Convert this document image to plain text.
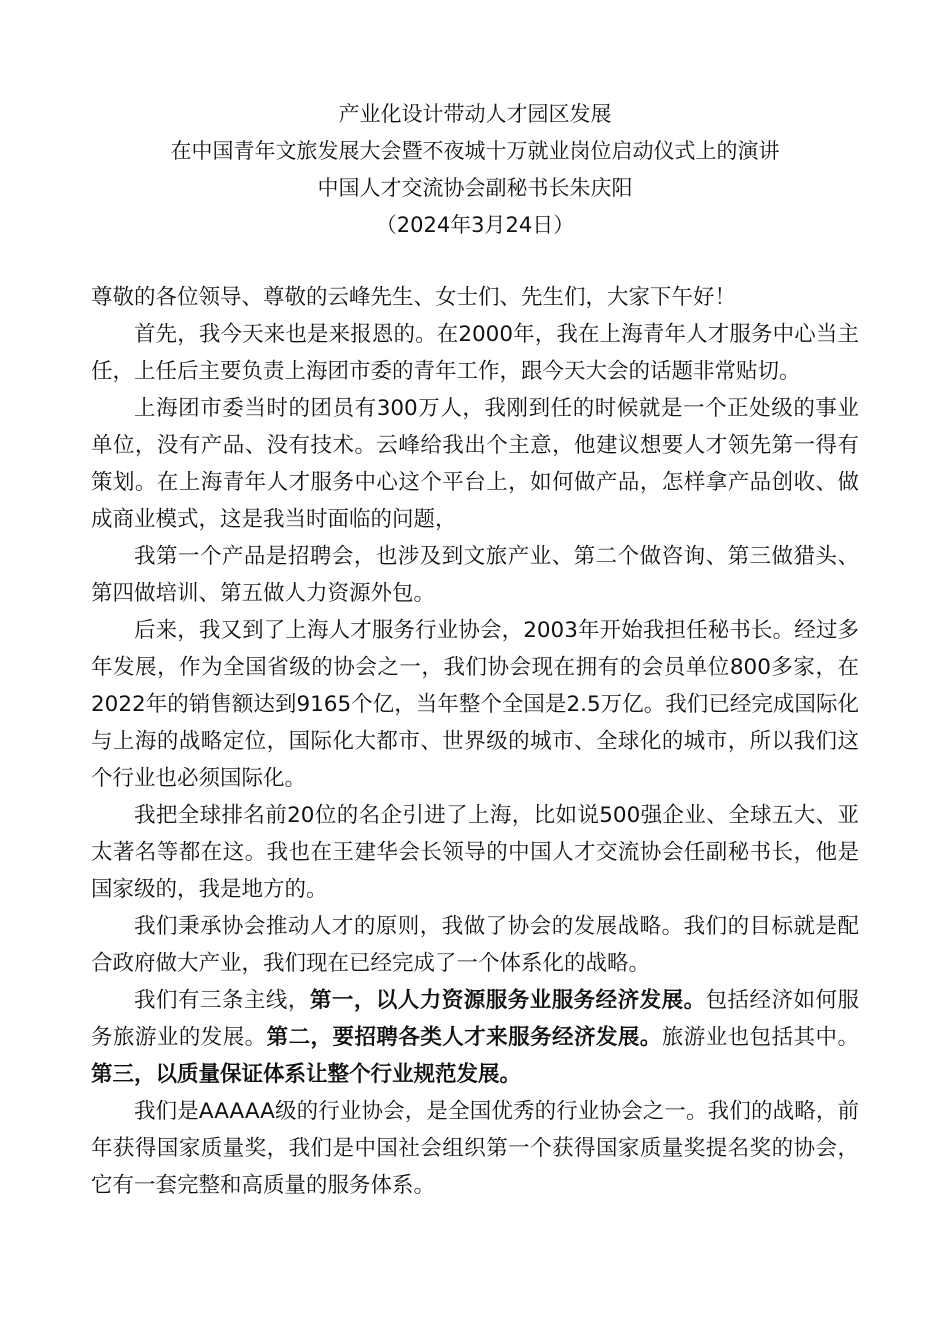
产业化设计带动人才园区发展
在中国青年文旅发展大会暨不夜城十万就业岗位启动仪式上的演讲
中国人才交流协会副秘书长朱庆阳
（2024年3月24日）

尊敬的各位领导、尊敬的云峰先生、女士们、先生们，大家下午好！

首先，我今天来也是来报恩的。在2000年，我在上海青年人才服务中心当主任，上任后主要负责上海团市委的青年工作，跟今天大会的话题非常贴切。

上海团市委当时的团员有300万人，我刚到任的时候就是一个正处级的事业单位，没有产品、没有技术。云峰给我出个主意，他建议想要人才领先第一得有策划。在上海青年人才服务中心这个平台上，如何做产品，怎样拿产品创收、做成商业模式，这是我当时面临的问题，

我第一个产品是招聘会，也涉及到文旅产业、第二个做咨询、第三做猎头、第四做培训、第五做人力资源外包。

后来，我又到了上海人才服务行业协会，2003年开始我担任秘书长。经过多年发展，作为全国省级的协会之一，我们协会现在拥有的会员单位800多家，在2022年的销售额达到9165个亿，当年整个全国是2.5万亿。我们已经完成国际化与上海的战略定位，国际化大都市、世界级的城市、全球化的城市，所以我们这个行业也必须国际化。

我把全球排名前20位的名企引进了上海，比如说500强企业、全球五大、亚太著名等都在这。我也在王建华会长领导的中国人才交流协会任副秘书长，他是国家级的，我是地方的。

我们秉承协会推动人才的原则，我做了协会的发展战略。我们的目标就是配合政府做大产业，我们现在已经完成了一个体系化的战略。

我们有三条主线，第一，以人力资源服务业服务经济发展。包括经济如何服务旅游业的发展。第二，要招聘各类人才来服务经济发展。旅游业也包括其中。第三，以质量保证体系让整个行业规范发展。

我们是AAAAA级的行业协会，是全国优秀的行业协会之一。我们的战略，前年获得国家质量奖，我们是中国社会组织第一个获得国家质量奖提名奖的协会，它有一套完整和高质量的服务体系。
